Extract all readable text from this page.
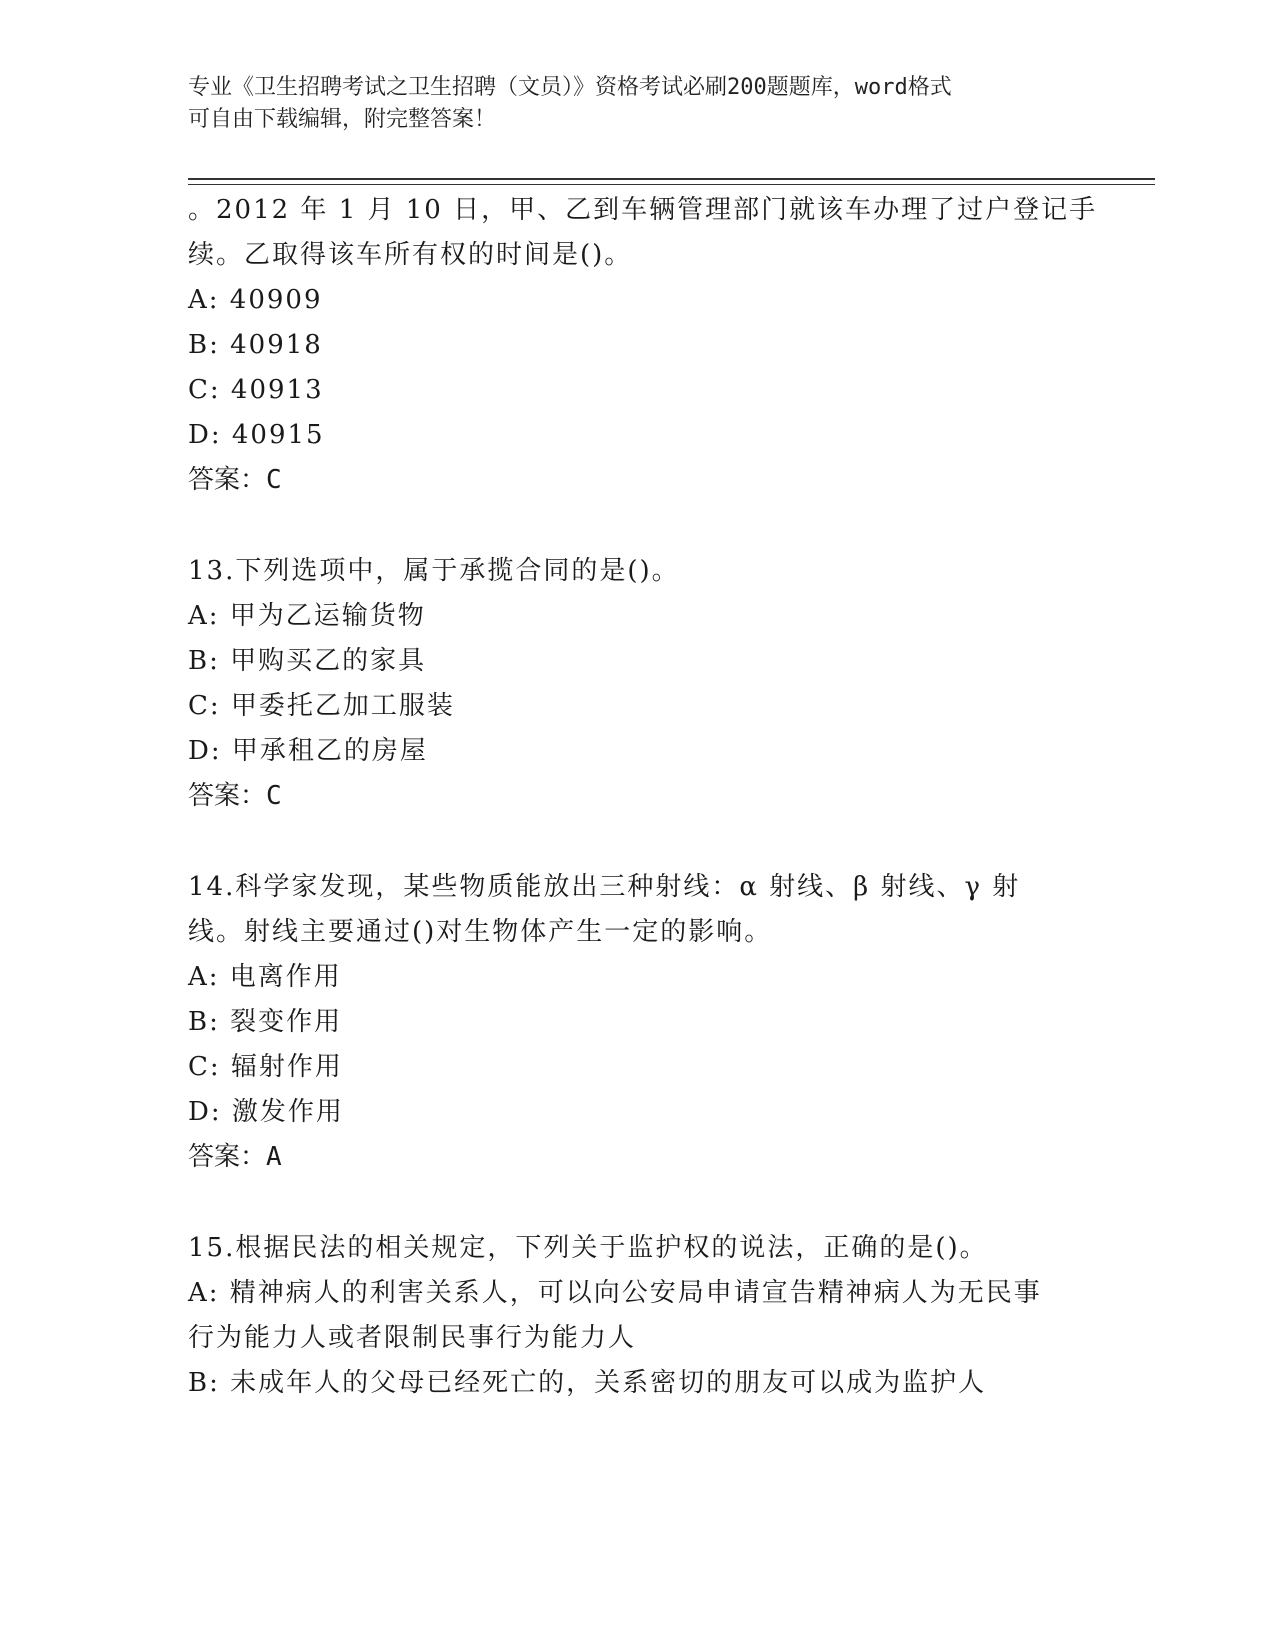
专业《卫生招聘考试之卫生招聘（文员）》资格考试必刷200题题库，word格式
可自由下载编辑，附完整答案！
。2012 年 1 月 10 日，甲、乙到车辆管理部门就该车办理了过户登记手
续。乙取得该车所有权的时间是()。
A: 40909
B: 40918
C: 40913
D: 40915
答案：C
13.下列选项中，属于承揽合同的是()。
A: 甲为乙运输货物
B: 甲购买乙的家具
C: 甲委托乙加工服装
D: 甲承租乙的房屋
答案：C
14.科学家发现，某些物质能放出三种射线：α 射线、β 射线、γ 射
线。射线主要通过()对生物体产生一定的影响。
A: 电离作用
B: 裂变作用
C: 辐射作用
D: 激发作用
答案：A
15.根据民法的相关规定，下列关于监护权的说法，正确的是()。
A: 精神病人的利害关系人，可以向公安局申请宣告精神病人为无民事
行为能力人或者限制民事行为能力人
B: 未成年人的父母已经死亡的，关系密切的朋友可以成为监护人
